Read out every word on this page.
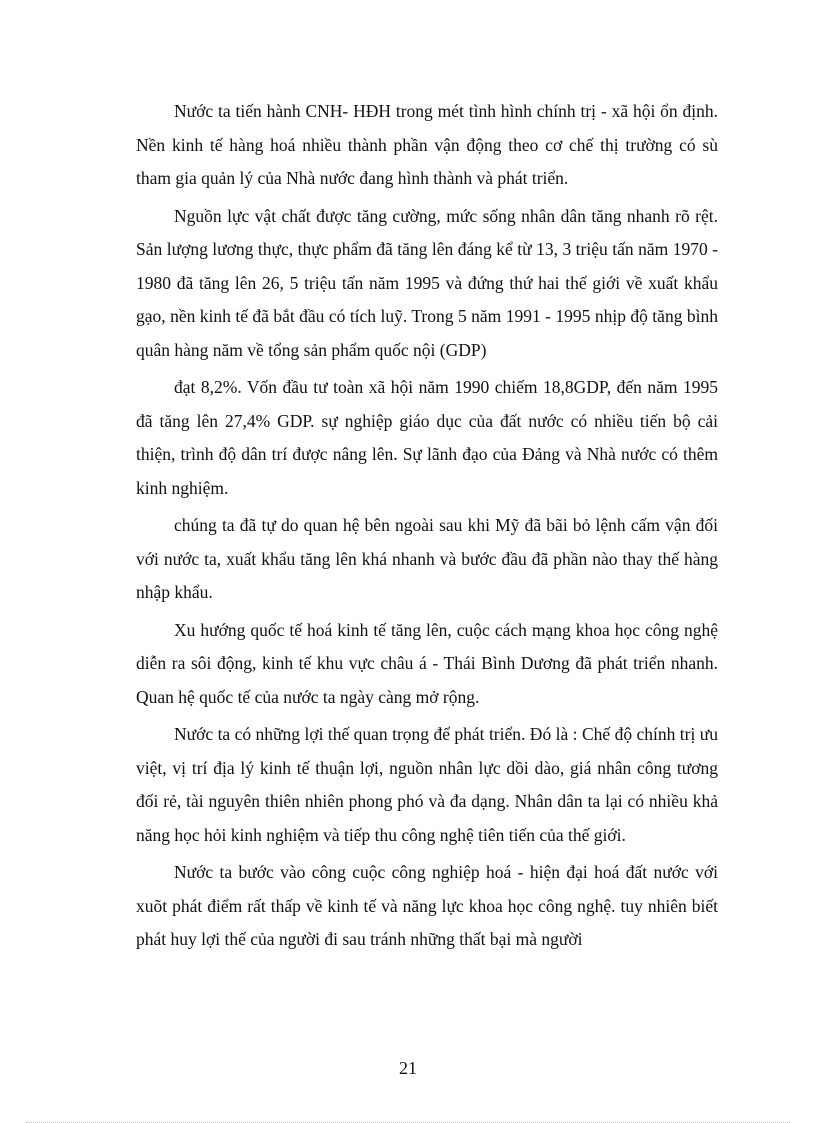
Nước ta tiến hành CNH- HĐH trong mét tình hình chính trị - xã hội ổn định. Nền kinh tế hàng hoá nhiều thành phần vận động theo cơ chế thị trường có sù tham gia quản lý của Nhà nước đang hình thành và phát triển.

Nguồn lực vật chất được tăng cường, mức sống nhân dân tăng nhanh rõ rệt. Sản lượng lương thực, thực phẩm đã tăng lên đáng kể từ 13, 3 triệu tấn năm 1970 - 1980 đã tăng lên 26, 5 triệu tấn năm 1995 và đứng thứ hai thế giới về xuất khẩu gạo, nền kinh tế đã bắt đầu có tích luỹ. Trong 5 năm 1991 - 1995 nhịp độ tăng bình quân hàng năm về tổng sản phẩm quốc nội (GDP)

đạt 8,2%. Vốn đầu tư toàn xã hội năm 1990 chiếm 18,8GDP, đến năm 1995 đã tăng lên 27,4% GDP. sự nghiệp giáo dục của đất nước có nhiều tiến bộ cải thiện, trình độ dân trí được nâng lên. Sự lãnh đạo của Đảng và Nhà nước có thêm kinh nghiệm.

chúng ta đã tự do quan hệ bên ngoài sau khi Mỹ đã bãi bỏ lệnh cấm vận đối với nước ta, xuất khẩu tăng lên khá nhanh và bước đầu đã phần nào thay thế hàng nhập khẩu.

Xu hướng quốc tế hoá kinh tế tăng lên, cuộc cách mạng khoa học công nghệ diễn ra sôi động, kinh tế khu vực châu á - Thái Bình Dương đã phát triển nhanh. Quan hệ quốc tế của nước ta ngày càng mở rộng.

Nước ta có những lợi thế quan trọng để phát triển. Đó là : Chế độ chính trị ưu việt, vị trí địa lý kinh tế thuận lợi, nguồn nhân lực dồi dào, giá nhân công tương đối rẻ, tài nguyên thiên nhiên phong phó và đa dạng. Nhân dân ta lại có nhiều khả năng học hỏi kinh nghiệm và tiếp thu công nghệ tiên tiến của thế giới.

Nước ta bước vào công cuộc công nghiệp hoá - hiện đại hoá đất nước với xuõt phát điểm rất thấp về kinh tế và năng lực khoa học công nghệ. tuy nhiên biết phát huy lợi thế của người đi sau tránh những thất bại mà người

21
